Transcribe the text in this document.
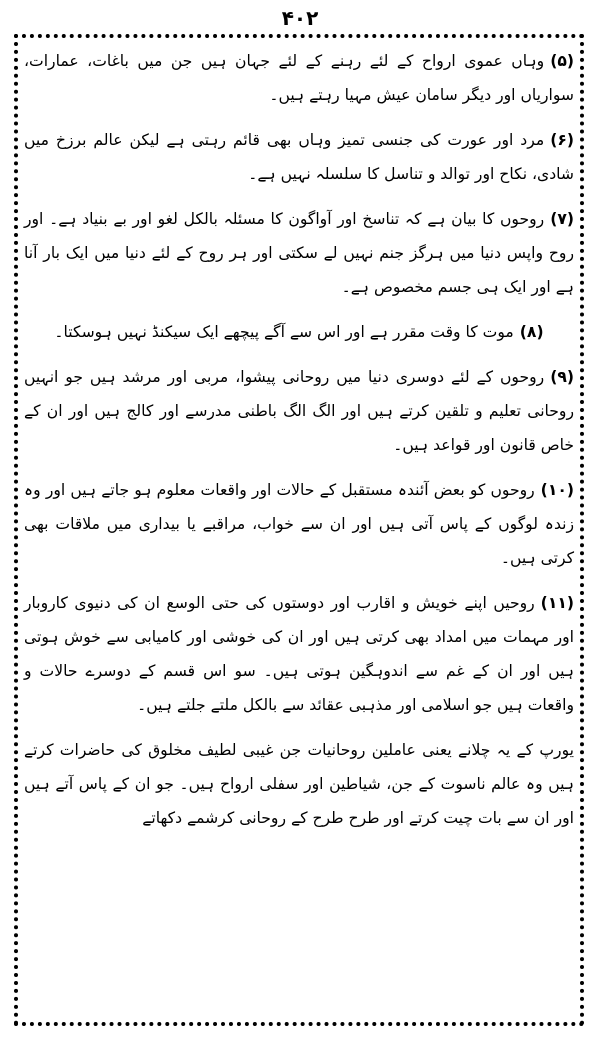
۴۰۲

(۵)وہاں عموی ارواح کے لئے رہنے کے لئے جہان ہیں جن میں باغات، عمارات، سواریاں اور دیگر سامان عیش مہیا رہتے ہیں۔

(۶)مرد اور عورت کی جنسی تمیز وہاں بھی قائم رہتی ہے لیکن عالم برزخ میں شادی، نکاح اور توالد و تناسل کا سلسلہ نہیں ہے۔

(۷)روحوں کا بیان ہے کہ تناسخ اور آواگون کا مسئلہ بالکل لغو اور بے بنیاد ہے۔ اور روح واپس دنیا میں ہرگز جنم نہیں لے سکتی اور ہر روح کے لئے دنیا میں ایک بار آنا ہے اور ایک ہی جسم مخصوص ہے۔

(۸)موت کا وقت مقرر ہے اور اس سے آگے پیچھے ایک سیکنڈ نہیں ہوسکتا۔

(۹)روحوں کے لئے دوسری دنیا میں روحانی پیشوا، مربی اور مرشد ہیں جو انہیں روحانی تعلیم و تلقین کرتے ہیں اور الگ الگ باطنی مدرسے اور کالج ہیں اور ان کے خاص قانون اور قواعد ہیں۔

(۱۰)روحوں کو بعض آئندہ مستقبل کے حالات اور واقعات معلوم ہو جاتے ہیں اور وہ زندہ لوگوں کے پاس آتی ہیں اور ان سے خواب، مراقبے یا بیداری میں ملاقات بھی کرتی ہیں۔

(۱۱)روحیں اپنے خویش و اقارب اور دوستوں کی حتی الوسع ان کی دنیوی کاروبار اور مہمات میں امداد بھی کرتی ہیں اور ان کی خوشی اور کامیابی سے خوش ہوتی ہیں اور ان کے غم سے اندوہگین ہوتی ہیں۔ سو اس قسم کے دوسرے حالات و واقعات ہیں جو اسلامی اور مذہبی عقائد سے بالکل ملتے جلتے ہیں۔

یورپ کے یہ چلانے یعنی عاملین روحانیات جن غیبی لطیف مخلوق کی حاضرات کرتے ہیں وہ عالم ناسوت کے جن، شیاطین اور سفلی ارواح ہیں۔ جو ان کے پاس آتے ہیں اور ان سے بات چیت کرتے اور طرح طرح کے روحانی کرشمے دکھاتے
